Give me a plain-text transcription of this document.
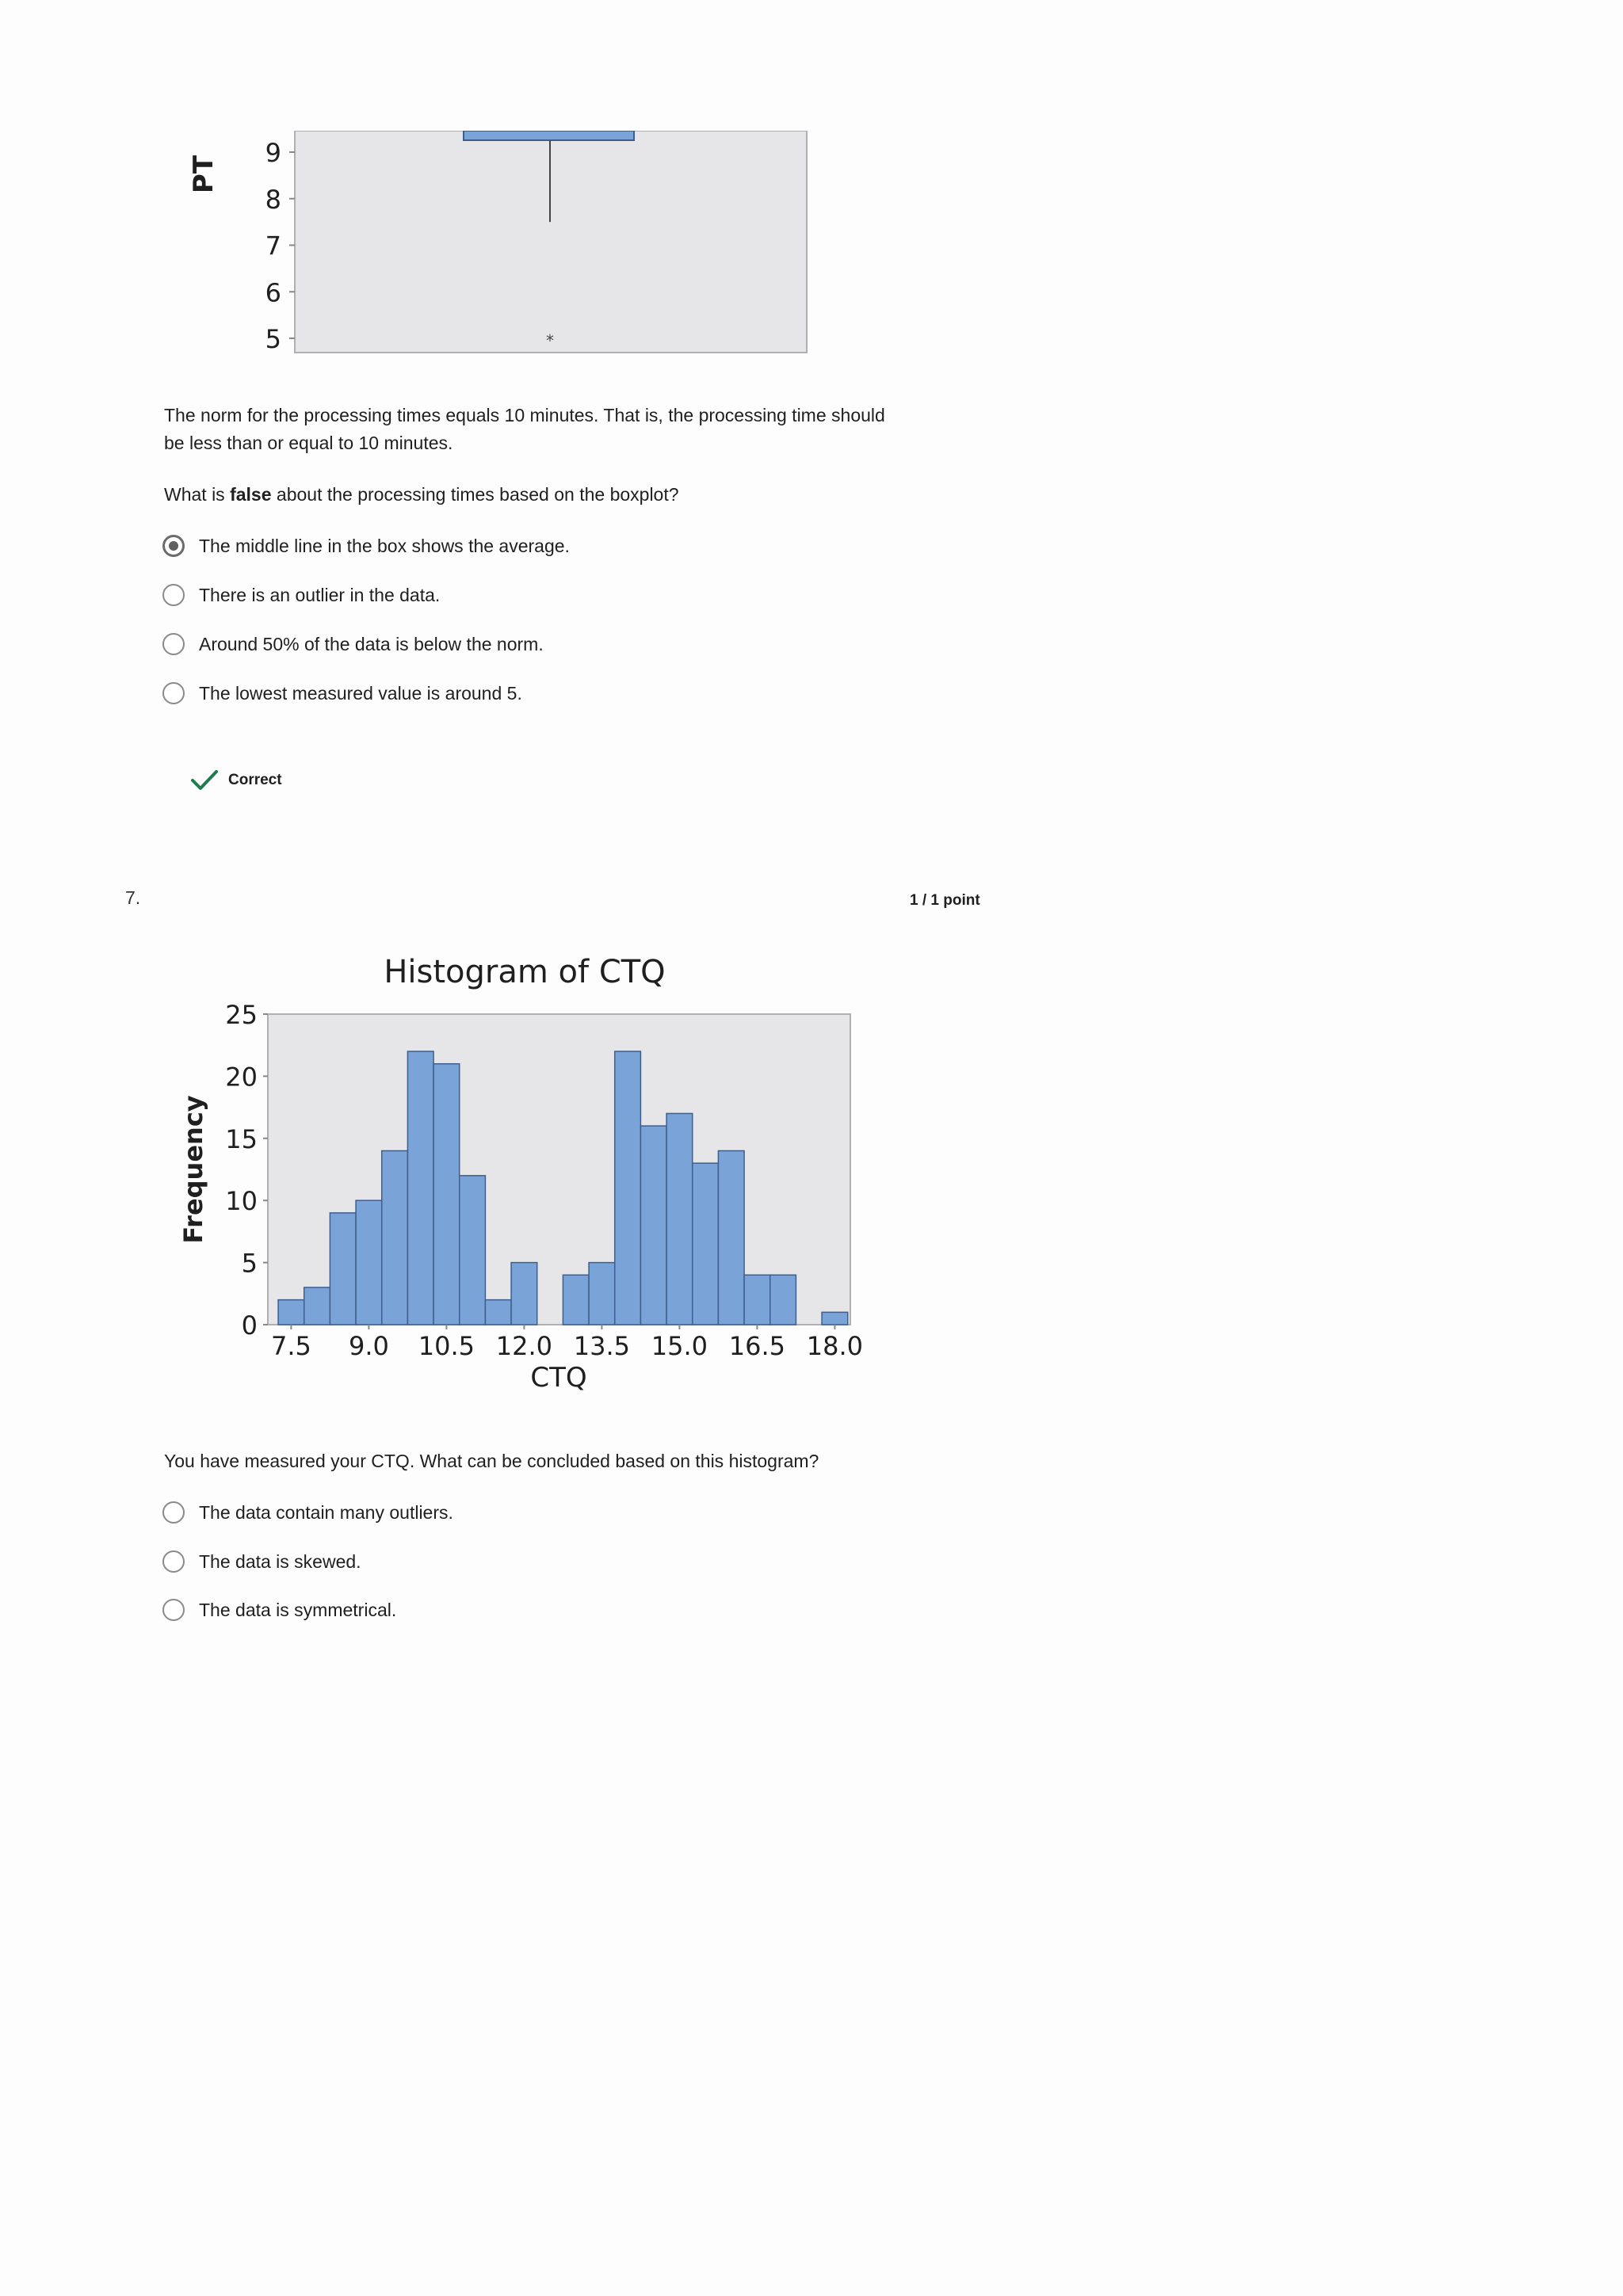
PT
9
8
7
6
5	*
The norm for the processing times equals 10 minutes. That is, the processing time should
be less than or equal to 10 minutes.
What is false about the processing times based on the boxplot?
The middle line in the box shows the average.
There is an outlier in the data.
Around 50% of the data is below the norm.
The lowest measured value is around 5.
Correct
7.	1 / 1 point
Histogram of CTQ
0
5
10
15
20
25
7.5 9.0 10.5 12.0 13.5 15.0 16.5 18.0
Frequency
CTQ
You have measured your CTQ. What can be concluded based on this histogram?
The data contain many outliers.
The data is skewed.
The data is symmetrical.
